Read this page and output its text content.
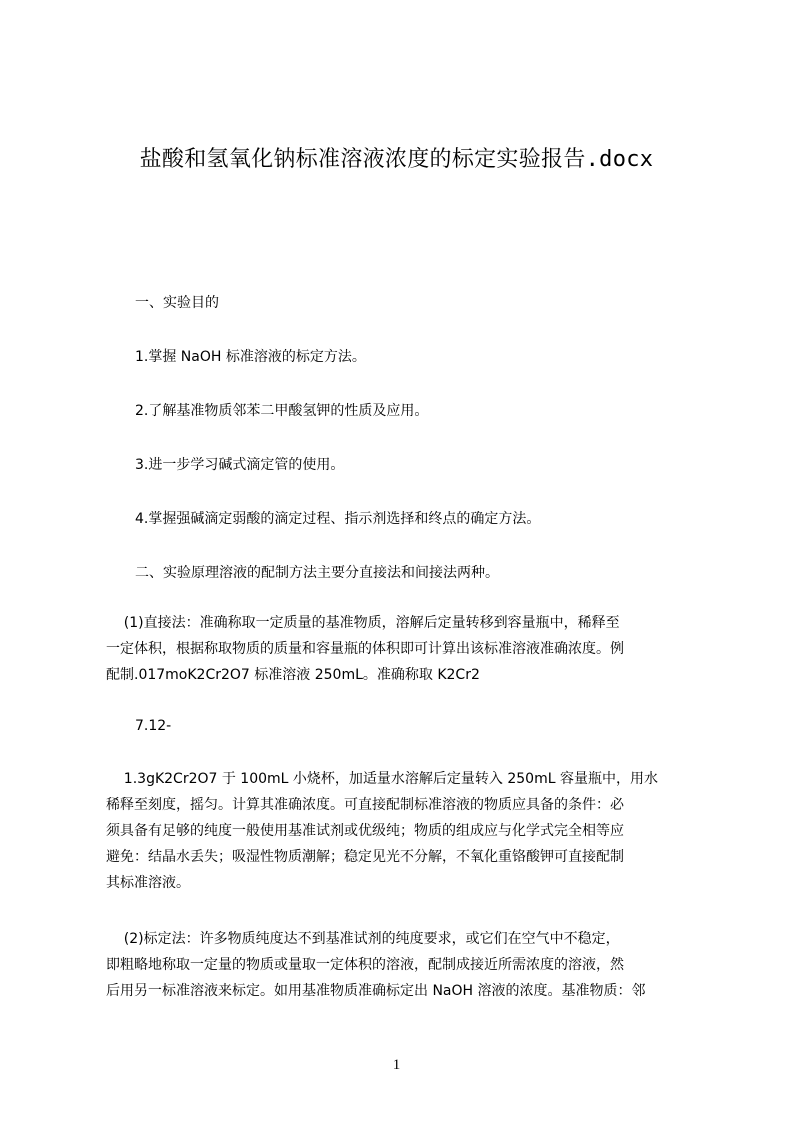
盐酸和氢氧化钠标准溶液浓度的标定实验报告.docx
一、实验目的
1.掌握 NaOH 标准溶液的标定方法。
2.了解基准物质邻苯二甲酸氢钾的性质及应用。
3.进一步学习碱式滴定管的使用。
4.掌握强碱滴定弱酸的滴定过程、指示剂选择和终点的确定方法。
二、实验原理溶液的配制方法主要分直接法和间接法两种。
(1)直接法：准确称取一定质量的基准物质，溶解后定量转移到容量瓶中，稀释至
一定体积，根据称取物质的质量和容量瓶的体积即可计算出该标准溶液准确浓度。例
配制.017moK2Cr2O7 标准溶液 250mL。准确称取 K2Cr2
7.12-
1.3gK2Cr2O7 于 100mL 小烧杯，加适量水溶解后定量转入 250mL 容量瓶中，用水
稀释至刻度，摇匀。计算其准确浓度。可直接配制标准溶液的物质应具备的条件：必
须具备有足够的纯度一般使用基准试剂或优级纯；物质的组成应与化学式完全相等应
避免：结晶水丢失；吸湿性物质潮解；稳定见光不分解，不氧化重铬酸钾可直接配制
其标准溶液。
(2)标定法：许多物质纯度达不到基准试剂的纯度要求，或它们在空气中不稳定，
即粗略地称取一定量的物质或量取一定体积的溶液，配制成接近所需浓度的溶液，然
后用另一标准溶液来标定。如用基准物质准确标定出 NaOH 溶液的浓度。基准物质：邻
1
